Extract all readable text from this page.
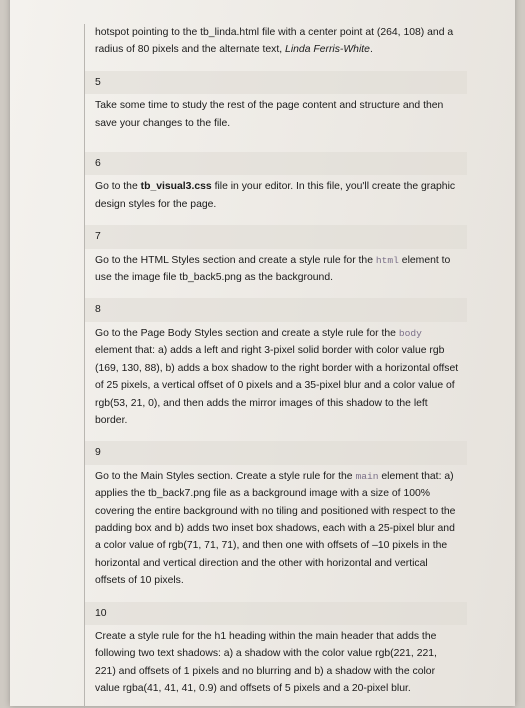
hotspot pointing to the tb_linda.html file with a center point at (264, 108) and a radius of 80 pixels and the alternate text, Linda Ferris-White.

5

Take some time to study the rest of the page content and structure and then save your changes to the file.

6

Go to the tb_visual3.css file in your editor. In this file, you'll create the graphic design styles for the page.

7

Go to the HTML Styles section and create a style rule for the html element to use the image file tb_back5.png as the background.

8

Go to the Page Body Styles section and create a style rule for the body element that: a) adds a left and right 3-pixel solid border with color value rgb (169, 130, 88), b) adds a box shadow to the right border with a horizontal offset of 25 pixels, a vertical offset of 0 pixels and a 35-pixel blur and a color value of rgb(53, 21, 0), and then adds the mirror images of this shadow to the left border.

9

Go to the Main Styles section. Create a style rule for the main element that: a) applies the tb_back7.png file as a background image with a size of 100% covering the entire background with no tiling and positioned with respect to the padding box and b) adds two inset box shadows, each with a 25-pixel blur and a color value of rgb(71, 71, 71), and then one with offsets of –10 pixels in the horizontal and vertical direction and the other with horizontal and vertical offsets of 10 pixels.

10

Create a style rule for the h1 heading within the main header that adds the following two text shadows: a) a shadow with the color value rgb(221, 221, 221) and offsets of 1 pixels and no blurring and b) a shadow with the color value rgba(41, 41, 41, 0.9) and offsets of 5 pixels and a 20-pixel blur.
